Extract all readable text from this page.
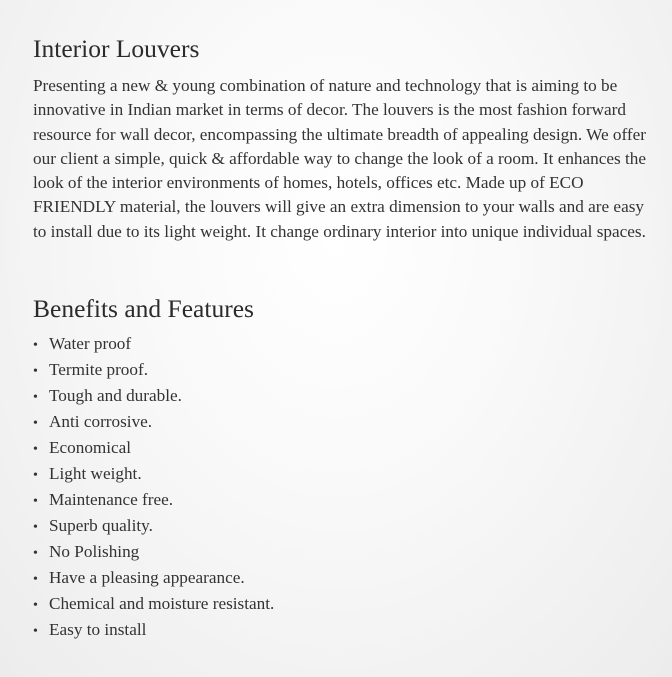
Interior Louvers

Presenting a new & young combination of nature and technology that is aiming to be innovative in Indian market in terms of decor. The louvers is the most fashion forward resource for wall decor, encompassing the ultimate breadth of appealing design. We offer our client a simple, quick & affordable way to change the look of a room. It enhances the look of the interior environments of homes, hotels, offices etc. Made up of ECO FRIENDLY material, the louvers will give an extra dimension to your walls and are easy to install due to its light weight. It change ordinary interior into unique individual spaces.

Benefits and Features
• Water proof
• Termite proof.
• Tough and durable.
• Anti corrosive.
• Economical
• Light weight.
• Maintenance free.
• Superb quality.
• No Polishing
• Have a pleasing appearance.
• Chemical and moisture resistant.
• Easy to install
